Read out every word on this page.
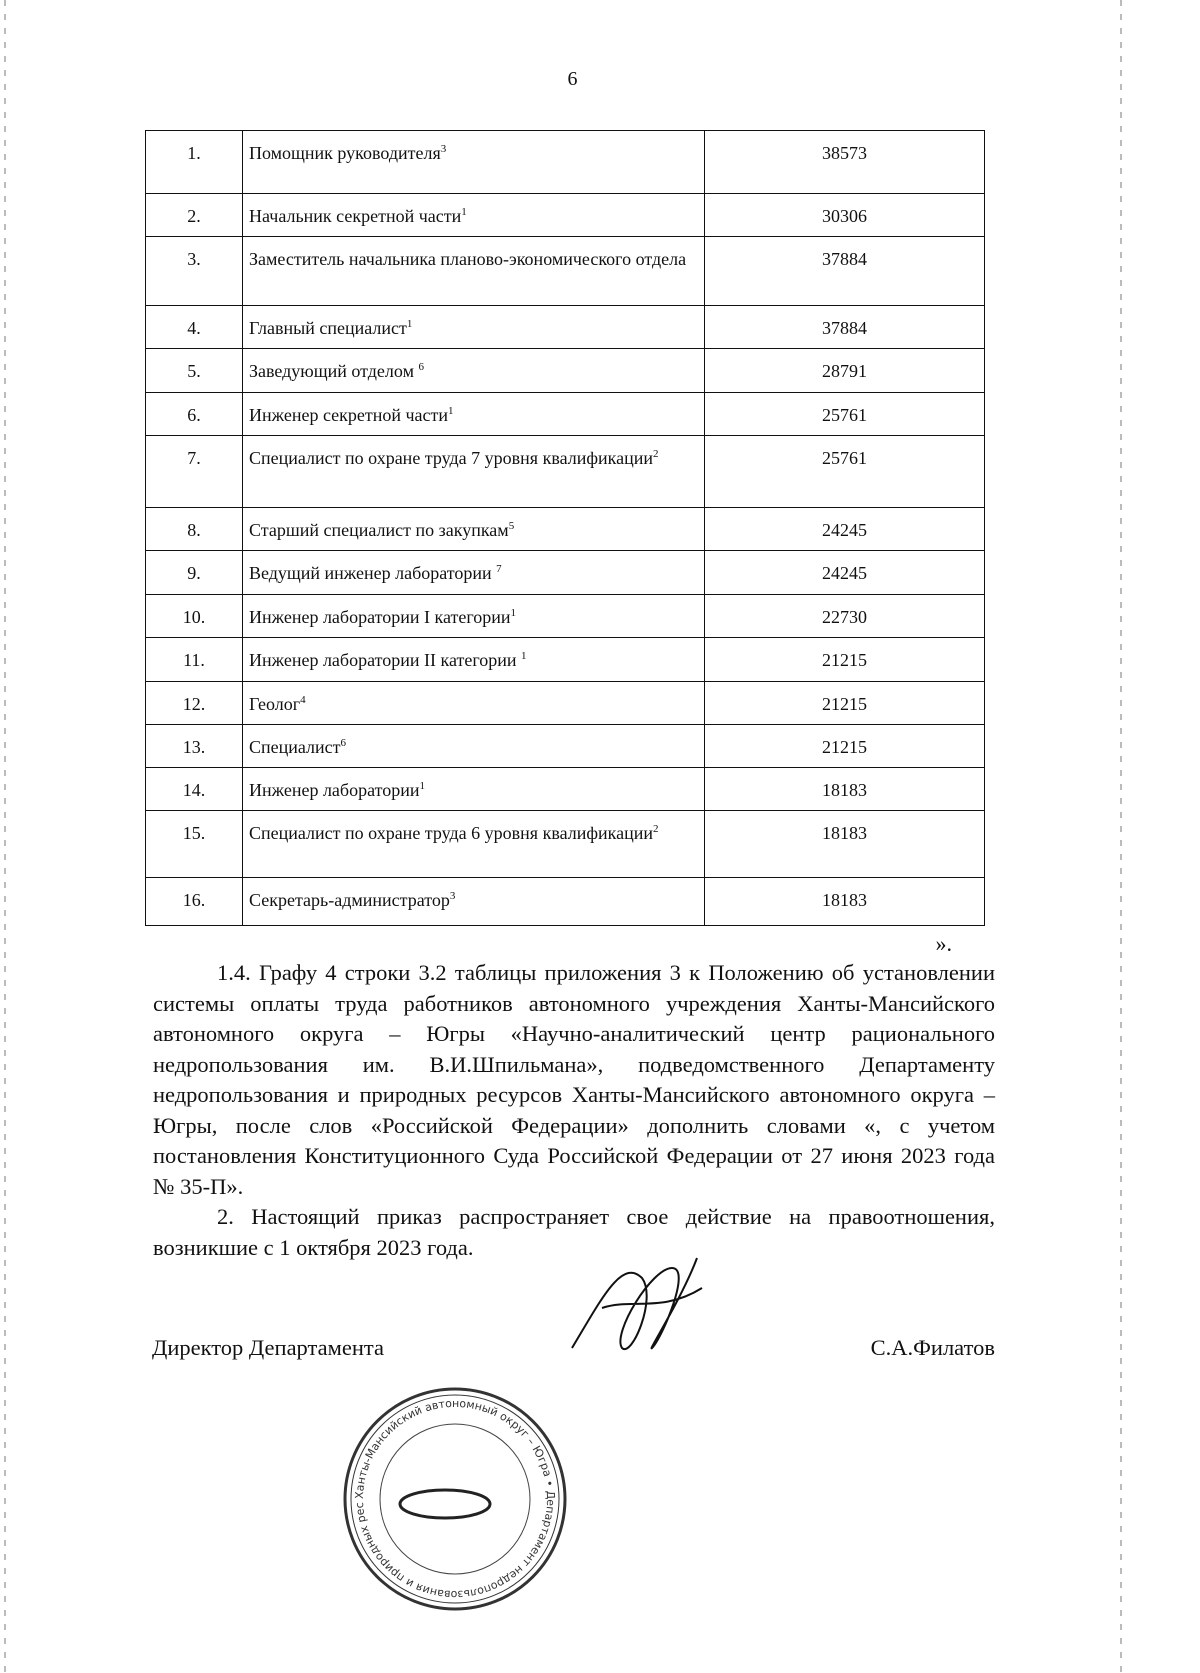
6
1.	Помощник руководителя$^3$	38573
2.	Начальник секретной части$^1$	30306
3.	Заместитель начальника планово-экономического отдела	37884
4.	Главный специалист$^1$	37884
5.	Заведующий отделом $^6$	28791
6.	Инженер секретной части$^1$	25761
7.	Специалист по охране труда 7 уровня квалификации$^2$	25761
8.	Старший специалист по закупкам$^5$	24245
9.	Ведущий инженер лаборатории $^7$	24245
10.	Инженер лаборатории I категории$^1$	22730
11.	Инженер лаборатории II категории $^1$	21215
12.	Геолог$^4$	21215
13.	Специалист$^6$	21215
14.	Инженер лаборатории$^1$	18183
15.	Специалист по охране труда 6 уровня квалификации$^2$	18183
16.	Секретарь-администратор$^3$	18183
».
1.4. Графу 4 строки 3.2 таблицы приложения 3 к Положению об установлении системы оплаты труда работников автономного учреждения Ханты-Мансийского автономного округа – Югры «Научно-аналитический центр рационального недропользования им. В.И.Шпильмана», подведомственного Департаменту недропользования и природных ресурсов Ханты-Мансийского автономного округа – Югры, после слов «Российской Федерации» дополнить словами «, с учетом постановления Конституционного Суда Российской Федерации от 27 июня 2023 года № 35-П».
2. Настоящий приказ распространяет свое действие на правоотношения, возникшие с 1 октября 2023 года.
Директор Департамента	С.А.Филатов
Ханты-Мансийский автономный округ – Югра • Департамент недропользования и природных рес
